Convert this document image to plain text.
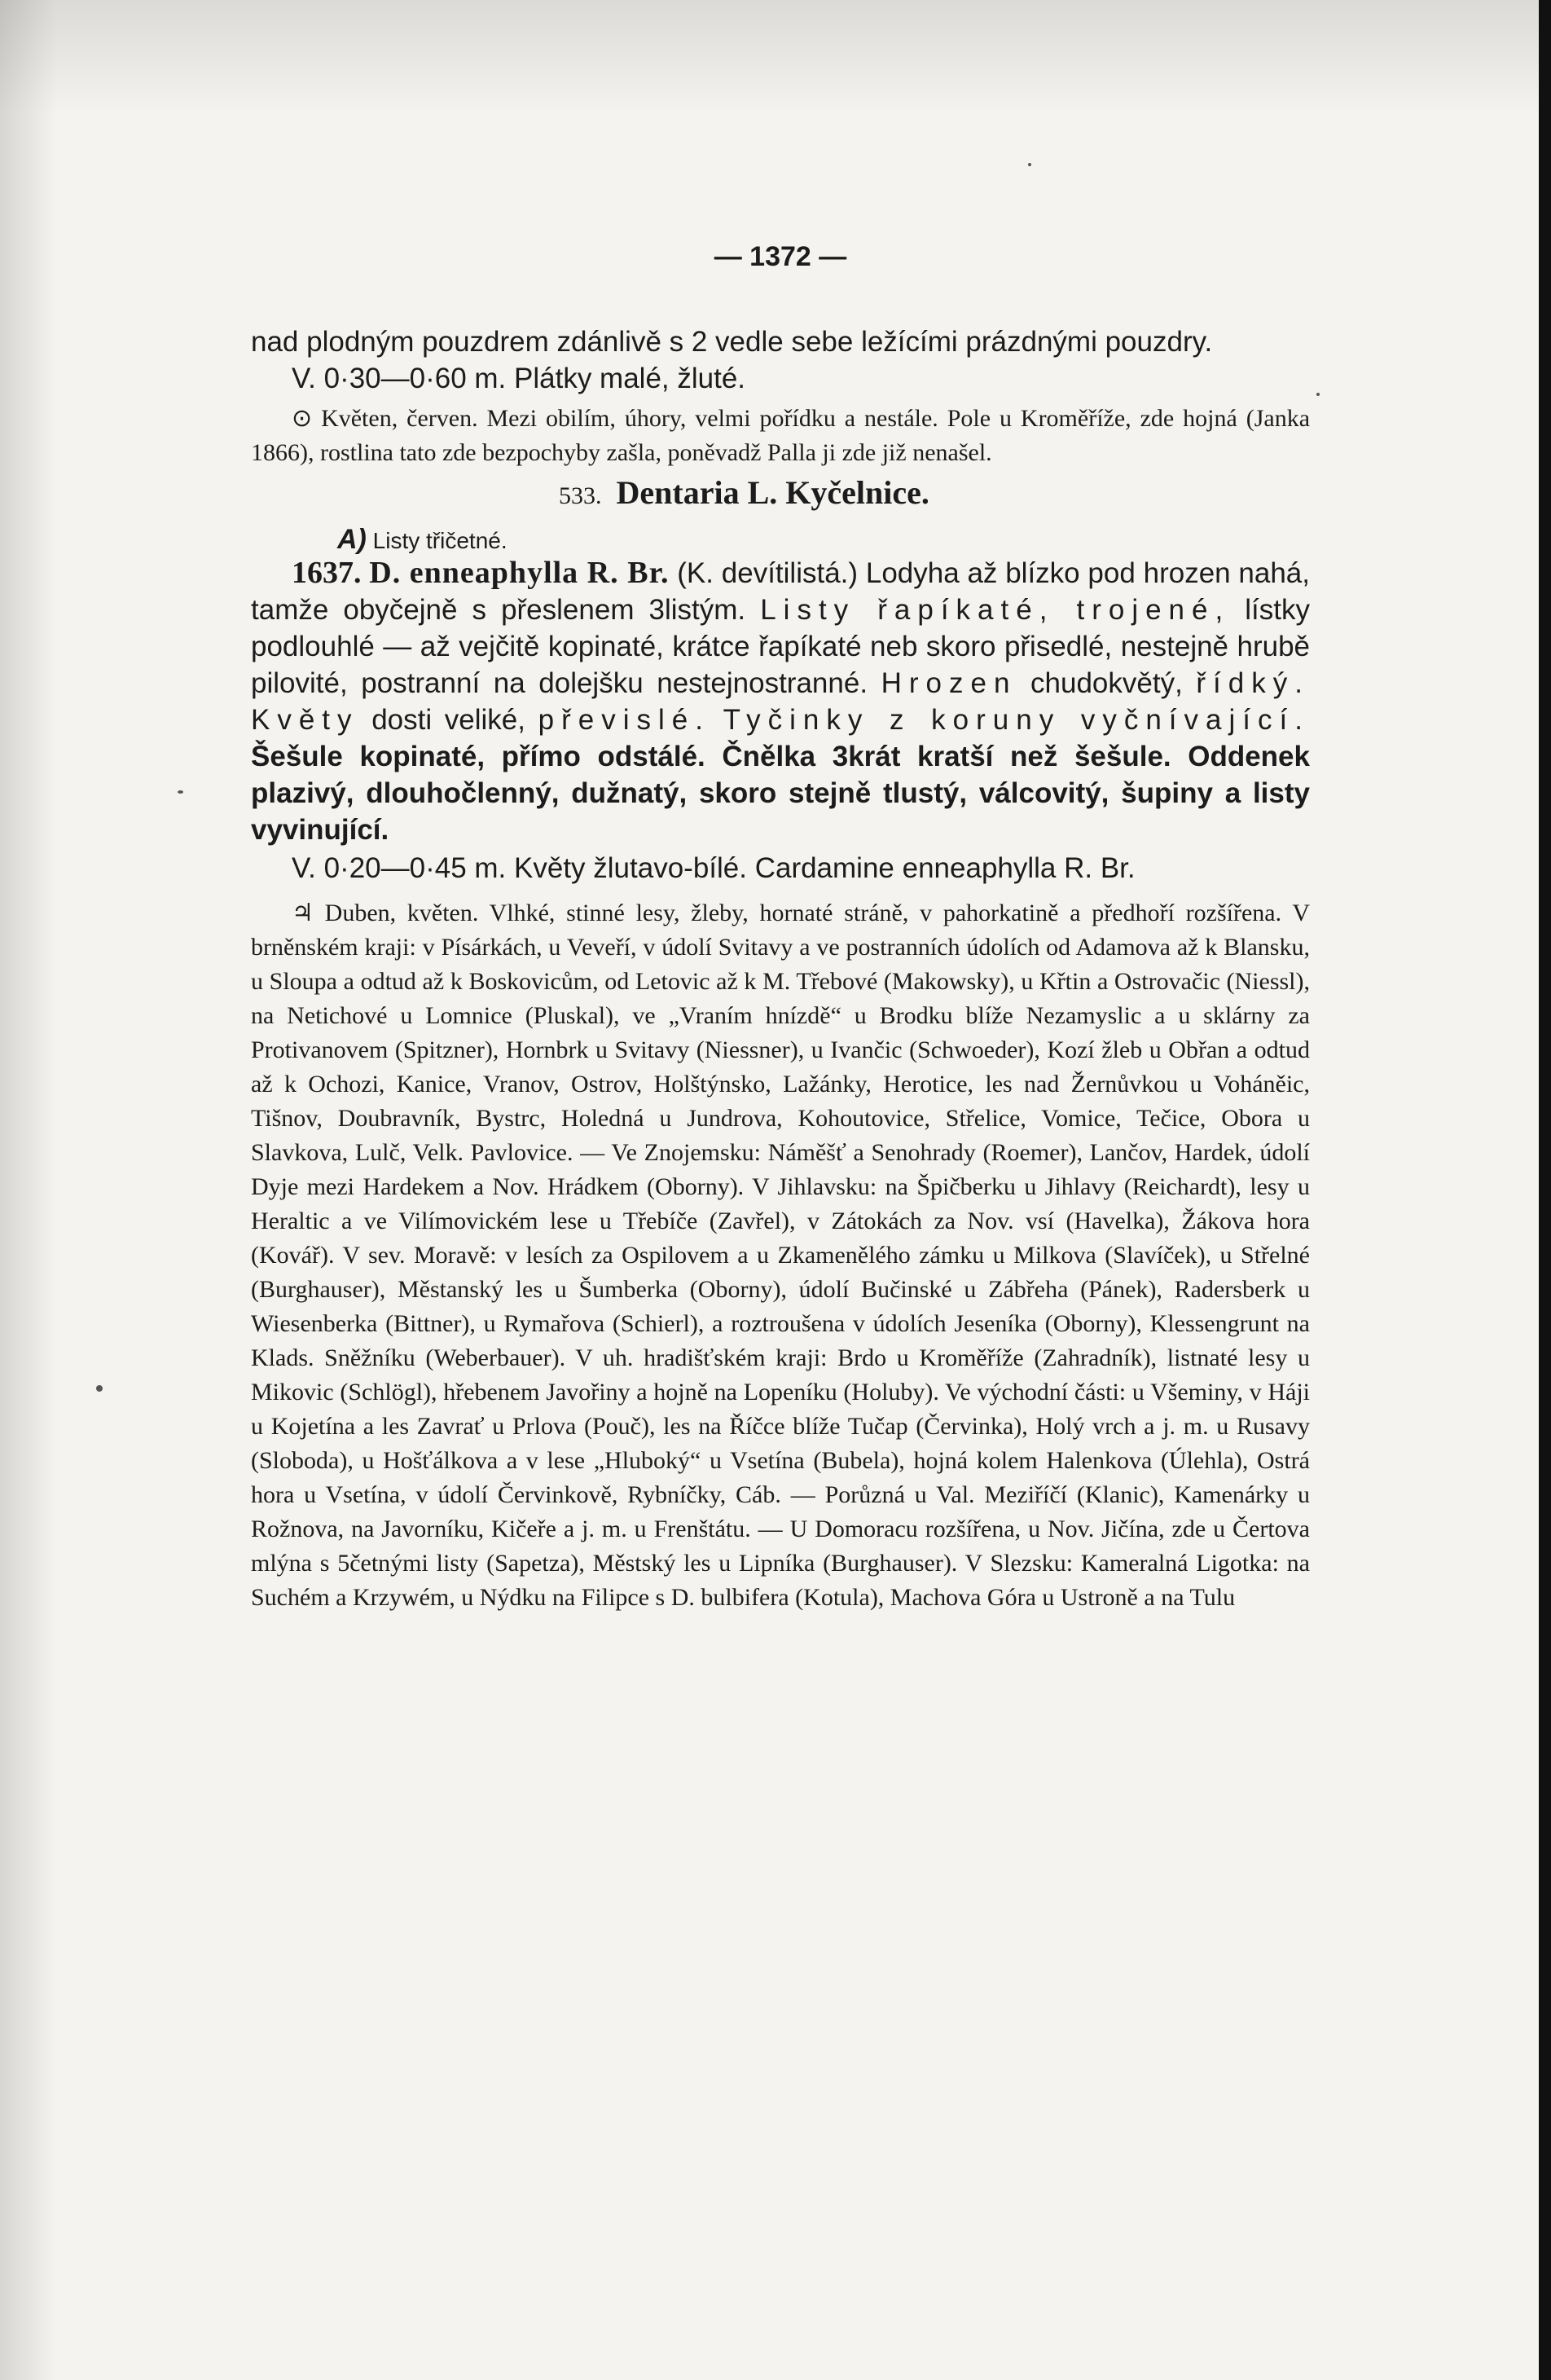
— 1372 —

nad plodným pouzdrem zdánlivě s 2 vedle sebe ležícími prázdnými pouzdry.

V. 0·30—0·60 m. Plátky malé, žluté.

⊙ Květen, červen. Mezi obilím, úhory, velmi pořídku a nestále. Pole u Kroměříže, zde hojná (Janka 1866), rostlina tato zde bezpochyby zašla, poněvadž Palla ji zde již nenašel.

533. Dentaria L. Kyčelnice.
A) Listy třičetné.

1637. D. enneaphylla R. Br. (K. devítilistá.) Lodyha až blízko pod hrozen nahá, tamže obyčejně s přeslenem 3listým. Listy řapíkaté, trojené, lístky podlouhlé — až vejčitě kopinaté, krátce řapíkaté neb skoro přisedlé, nestejně hrubě pilovité, postranní na dolejšku nestejnostranné. Hrozen chudokvětý, řídký. Květy dosti veliké, převislé. Tyčinky z koruny vyčnívající. Šešule kopinaté, přímo odstálé. Čnělka 3krát kratší než šešule. Oddenek plazivý, dlouhočlenný, dužnatý, skoro stejně tlustý, válcovitý, šupiny a listy vyvinující.

V. 0·20—0·45 m. Květy žlutavo-bílé. Cardamine enneaphylla R. Br.

♃ Duben, květen. Vlhké, stinné lesy, žleby, hornaté stráně, v pahorkatině a předhoří rozšířena. V brněnském kraji: v Písárkách, u Veveří, v údolí Svitavy a ve postranních údolích od Adamova až k Blansku, u Sloupa a odtud až k Boskovicům, od Letovic až k M. Třebové (Makowsky), u Křtin a Ostrovačic (Niessl), na Netichové u Lomnice (Pluskal), ve „Vraním hnízdě“ u Brodku blíže Nezamyslic a u sklárny za Protivanovem (Spitzner), Hornbrk u Svitavy (Niessner), u Ivančic (Schwoeder), Kozí žleb u Obřan a odtud až k Ochozi, Kanice, Vranov, Ostrov, Holštýnsko, Lažánky, Herotice, les nad Žernůvkou u Voháněic, Tišnov, Doubravník, Bystrc, Holedná u Jundrova, Kohoutovice, Střelice, Vomice, Tečice, Obora u Slavkova, Lulč, Velk. Pavlovice. — Ve Znojemsku: Náměšť a Senohrady (Roemer), Lančov, Hardek, údolí Dyje mezi Hardekem a Nov. Hrádkem (Oborny). V Jihlavsku: na Špičberku u Jihlavy (Reichardt), lesy u Heraltic a ve Vilímovickém lese u Třebíče (Zavřel), v Zátokách za Nov. vsí (Havelka), Žákova hora (Kovář). V sev. Moravě: v lesích za Ospilovem a u Zkamenělého zámku u Milkova (Slavíček), u Střelné (Burghauser), Městanský les u Šumberka (Oborny), údolí Bučinské u Zábřeha (Pánek), Radersberk u Wiesenberka (Bittner), u Rymařova (Schierl), a roztroušena v údolích Jeseníka (Oborny), Klessengrunt na Klads. Sněžníku (Weberbauer). V uh. hradišťském kraji: Brdo u Kroměříže (Zahradník), listnaté lesy u Mikovic (Schlögl), hřebenem Javořiny a hojně na Lopeníku (Holuby). Ve východní části: u Všeminy, v Háji u Kojetína a les Zavrať u Prlova (Pouč), les na Říčce blíže Tučap (Červinka), Holý vrch a j. m. u Rusavy (Sloboda), u Hošťálkova a v lese „Hluboký“ u Vsetína (Bubela), hojná kolem Halenkova (Úlehla), Ostrá hora u Vsetína, v údolí Červinkově, Rybníčky, Cáb. — Porůzná u Val. Meziříčí (Klanic), Kamenárky u Rožnova, na Javorníku, Kičeře a j. m. u Frenštátu. — U Domoracu rozšířena, u Nov. Jičína, zde u Čertova mlýna s 5četnými listy (Sapetza), Městský les u Lipníka (Burghauser). V Slezsku: Kameralná Ligotka: na Suchém a Krzywém, u Nýdku na Filipce s D. bulbifera (Kotula), Machova Góra u Ustroně a na Tulu
